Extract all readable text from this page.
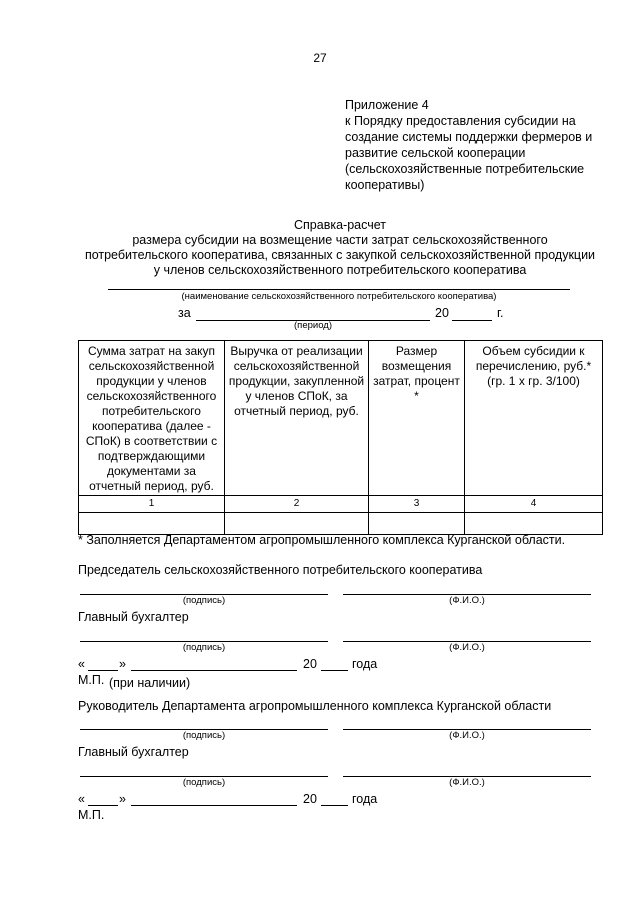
27
Приложение 4
к Порядку предоставления субсидии на
создание системы поддержки фермеров и
развитие сельской кооперации
(сельскохозяйственные потребительские
кооперативы)
Справка-расчет
размера субсидии на возмещение части затрат сельскохозяйственного
потребительского кооператива, связанных с закупкой сельскохозяйственной продукции
у членов сельскохозяйственного потребительского кооператива
(наименование сельскохозяйственного потребительского кооператива)
за	20	г.
(период)
Сумма затрат на закуп сельскохозяйственной продукции у членов сельскохозяйственного потребительского кооператива (далее - СПоК) в соответствии с подтверждающими документами за отчетный период, руб.	Выручка от реализации сельскохозяйственной продукции, закупленной у членов СПоК, за отчетный период, руб.	Размер возмещения затрат, процент *	Объем субсидии к перечислению, руб.* (гр. 1 x гр. 3/100)
1	2	3	4

* Заполняется Департаментом агропромышленного комплекса Курганской области.
Председатель сельскохозяйственного потребительского кооператива
(подпись)	(Ф.И.О.)
Главный бухгалтер
(подпись)	(Ф.И.О.)
«	»	20	года
М.П. (при наличии)
Руководитель Департамента агропромышленного комплекса Курганской области
(подпись)	(Ф.И.О.)
Главный бухгалтер
(подпись)	(Ф.И.О.)
«	»	20	года
М.П.
